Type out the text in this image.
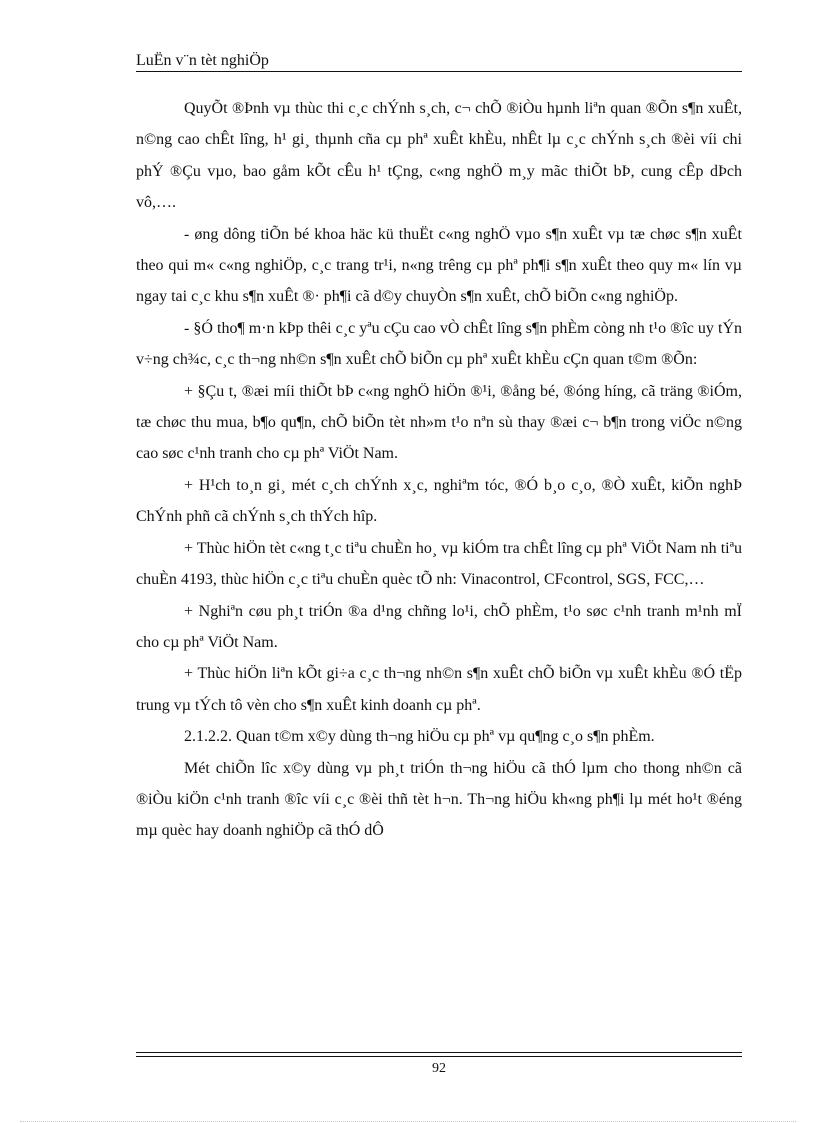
LuËn v¨n tèt nghiÖp

QuyÕt ®Þnh vµ thùc thi c¸c chÝnh s¸ch, c¬ chÕ ®iÒu hµnh liªn quan ®Õn s¶n xuÊt, n©ng cao chÊt lîng, h¹ gi¸ thµnh cña cµ phª xuÊt khÈu, nhÊt lµ c¸c chÝnh s¸ch ®èi víi chi phÝ ®Çu vµo, bao gåm kÕt cÊu h¹ tÇng, c«ng nghÖ m¸y mãc thiÕt bÞ, cung cÊp dÞch vô,….

- øng dông tiÕn bé khoa häc kü thuËt c«ng nghÖ vµo s¶n xuÊt vµ tæ chøc s¶n xuÊt theo qui m« c«ng nghiÖp, c¸c trang tr¹i, n«ng trêng cµ phª ph¶i s¶n xuÊt theo quy m« lín vµ ngay tai c¸c khu s¶n xuÊt ®· ph¶i cã d©y chuyÒn s¶n xuÊt, chÕ biÕn c«ng nghiÖp.

- §Ó tho¶ m·n kÞp thêi c¸c yªu cÇu cao vÒ chÊt lîng s¶n phÈm còng nh t¹o ®îc uy tÝn v÷ng ch¾c, c¸c th¬ng nh©n s¶n xuÊt chÕ biÕn cµ phª xuÊt khÈu cÇn quan t©m ®Õn:

+ §Çu t, ®æi míi thiÕt bÞ c«ng nghÖ hiÖn ®¹i, ®ång bé, ®óng híng, cã träng ®iÓm, tæ chøc thu mua, b¶o qu¶n, chÕ biÕn tèt nh»m t¹o nªn sù thay ®æi c¬ b¶n trong viÖc n©ng cao søc c¹nh tranh cho cµ phª ViÖt Nam.

+ H¹ch to¸n gi¸ mét c¸ch chÝnh x¸c, nghiªm tóc, ®Ó b¸o c¸o, ®Ò xuÊt, kiÕn nghÞ ChÝnh phñ cã chÝnh s¸ch thÝch hîp.

+ Thùc hiÖn tèt c«ng t¸c tiªu chuÈn ho¸ vµ kiÓm tra chÊt lîng cµ phª ViÖt Nam nh tiªu chuÈn 4193, thùc hiÖn c¸c tiªu chuÈn quèc tÕ nh: Vinacontrol, CFcontrol, SGS, FCC,…

+ Nghiªn cøu ph¸t triÓn ®a d¹ng chñng lo¹i, chÕ phÈm, t¹o søc c¹nh tranh m¹nh mÏ cho cµ phª ViÖt Nam.

+ Thùc hiÖn liªn kÕt gi÷a c¸c th¬ng nh©n s¶n xuÊt chÕ biÕn vµ xuÊt khÈu ®Ó tËp trung vµ tÝch tô vèn cho s¶n xuÊt kinh doanh cµ phª.

2.1.2.2. Quan t©m x©y dùng th¬ng hiÖu cµ phª vµ qu¶ng c¸o s¶n phÈm.

Mét chiÕn lîc x©y dùng vµ ph¸t triÓn th¬ng hiÖu cã thÓ lµm cho thong nh©n cã ®iÒu kiÖn c¹nh tranh ®îc víi c¸c ®èi thñ tèt h¬n. Th¬ng hiÖu kh«ng ph¶i lµ mét ho¹t ®éng mµ quèc hay doanh nghiÖp cã thÓ dÔ

92
